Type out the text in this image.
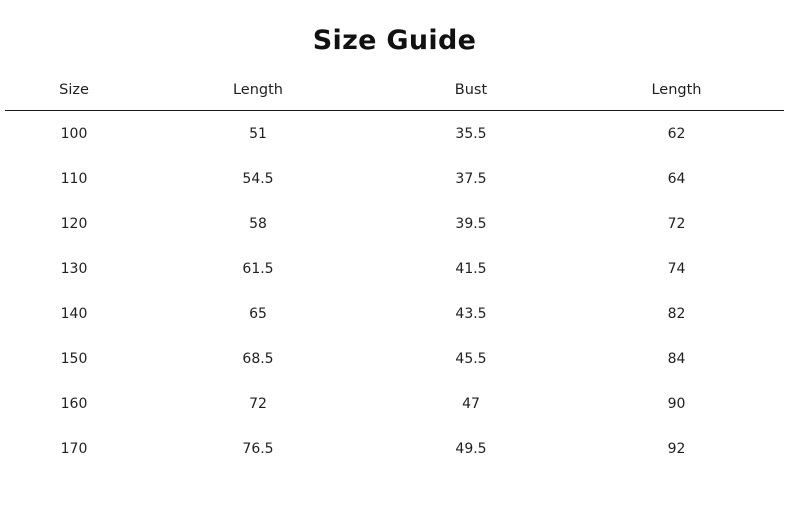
Size Guide
Size	Length	Bust	Length
100	51	35.5	62
110	54.5	37.5	64
120	58	39.5	72
130	61.5	41.5	74
140	65	43.5	82
150	68.5	45.5	84
160	72	47	90
170	76.5	49.5	92
